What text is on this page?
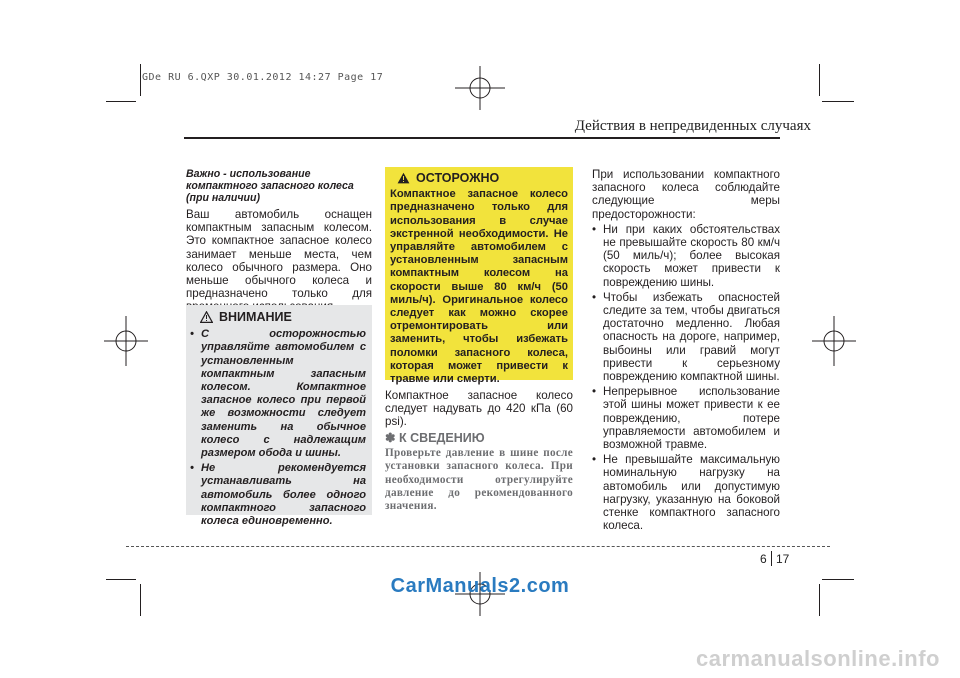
GDe RU 6.QXP 30.01.2012 14:27 Page 17
Действия в непредвиденных случаях
Важно - использование
компактного запасного колеса
(при наличии)
Ваш автомобиль оснащен компактным запасным колесом. Это компактное запасное колесо занимает меньше места, чем колесо обычного размера. Оно меньше обычного колеса и предназначено только для
ВНИМАНИЕ
• С осторожностью управляйте автомобилем с установленным компактным запасным колесом. Компактное запасное колесо при первой же возможности следует заменить на обычное колесо с надлежащим размером обода и шины.
• Не рекомендуется устанавливать на автомобиль более одного компактного запасного колеса единовременно.
ОСТОРОЖНО
Компактное запасное колесо предназначено только для использования в случае экстренной необходимости. Не управляйте автомобилем с установленным запасным компактным колесом на скорости выше 80 км/ч (50 миль/ч). Оригинальное колесо следует как можно скорее отремонтировать или заменить, чтобы избежать поломки запасного колеса, которая может привести к травме или смерти.
Компактное запасное колесо следует надувать до 420 кПа (60 psi).
✽ К СВЕДЕНИЮ
Проверьте давление в шине после установки запасного колеса. При необходимости отрегулируйте давление до рекомендованного значения.
При использовании компактного запасного колеса соблюдайте следующие меры предосторожности:
• Ни при каких обстоятельствах не превышайте скорость 80 км/ч (50 миль/ч); более высокая скорость может привести к повреждению шины.
• Чтобы избежать опасностей следите за тем, чтобы двигаться достаточно медленно. Любая опасность на дороге, например, выбоины или гравий могут привести к серьезному повреждению компактной шины.
• Непрерывное использование этой шины может привести к ее повреждению, потере управляемости автомобилем и возможной травме.
• Не превышайте максимальную номинальную нагрузку на автомобиль или допустимую нагрузку, указанную на боковой стенке компактного запасного колеса.
6 17
CarManuals2.com
carmanualsonline.info
